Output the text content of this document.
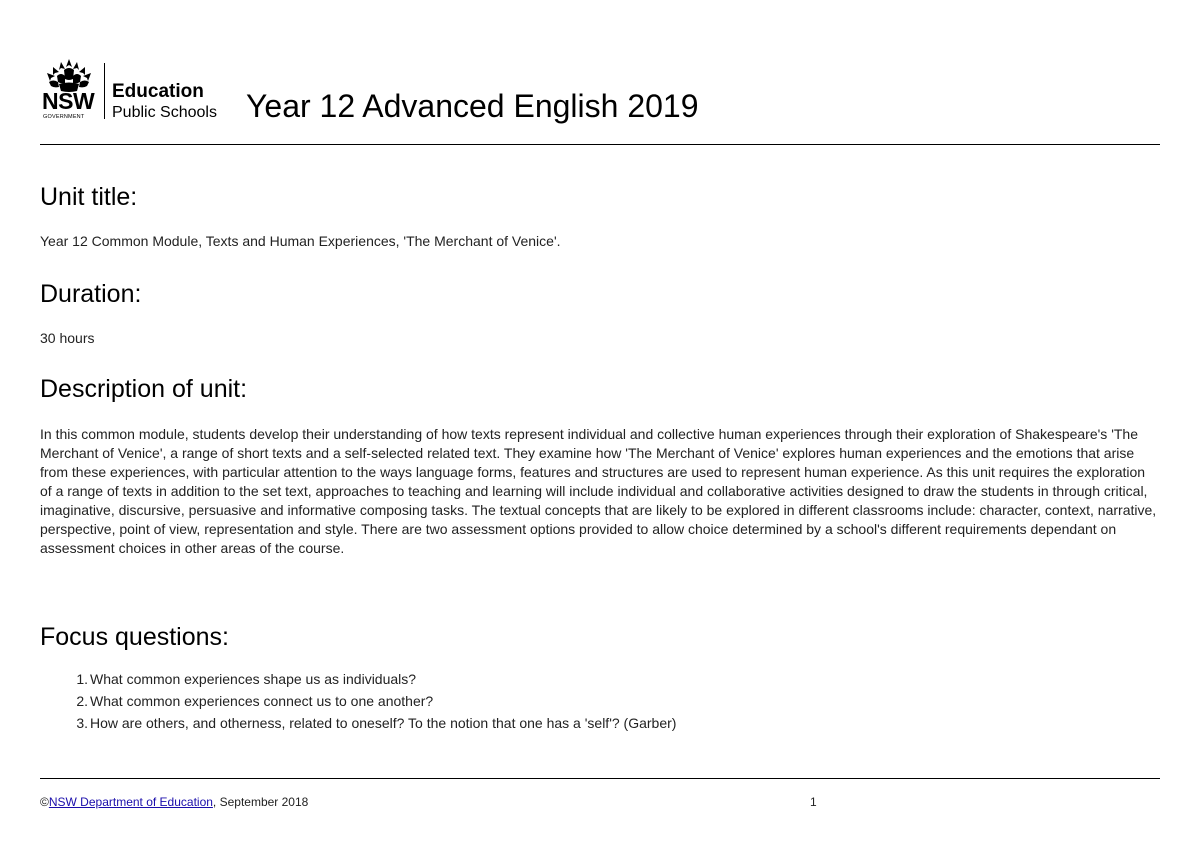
NSW
GOVERNMENT
Education
Public Schools Year 12 Advanced English 2019
Unit title:

Year 12 Common Module, Texts and Human Experiences, 'The Merchant of Venice'.

Duration:

30 hours

Description of unit:

In this common module, students develop their understanding of how texts represent individual and collective human experiences through their exploration of Shakespeare's 'The Merchant of Venice', a range of short texts and a self-selected related text. They examine how 'The Merchant of Venice' explores human experiences and the emotions that arise from these experiences, with particular attention to the ways language forms, features and structures are used to represent human experience. As this unit requires the exploration of a range of texts in addition to the set text, approaches to teaching and learning will include individual and collaborative activities designed to draw the students in through critical, imaginative, discursive, persuasive and informative composing tasks. The textual concepts that are likely to be explored in different classrooms include: character, context, narrative, perspective, point of view, representation and style. There are two assessment options provided to allow choice determined by a school's different requirements dependant on assessment choices in other areas of the course.

Focus questions:
1. What common experiences shape us as individuals?
2. What common experiences connect us to one another?
3. How are others, and otherness, related to oneself? To the notion that one has a 'self'? (Garber)
©NSW Department of Education, September 2018	1
